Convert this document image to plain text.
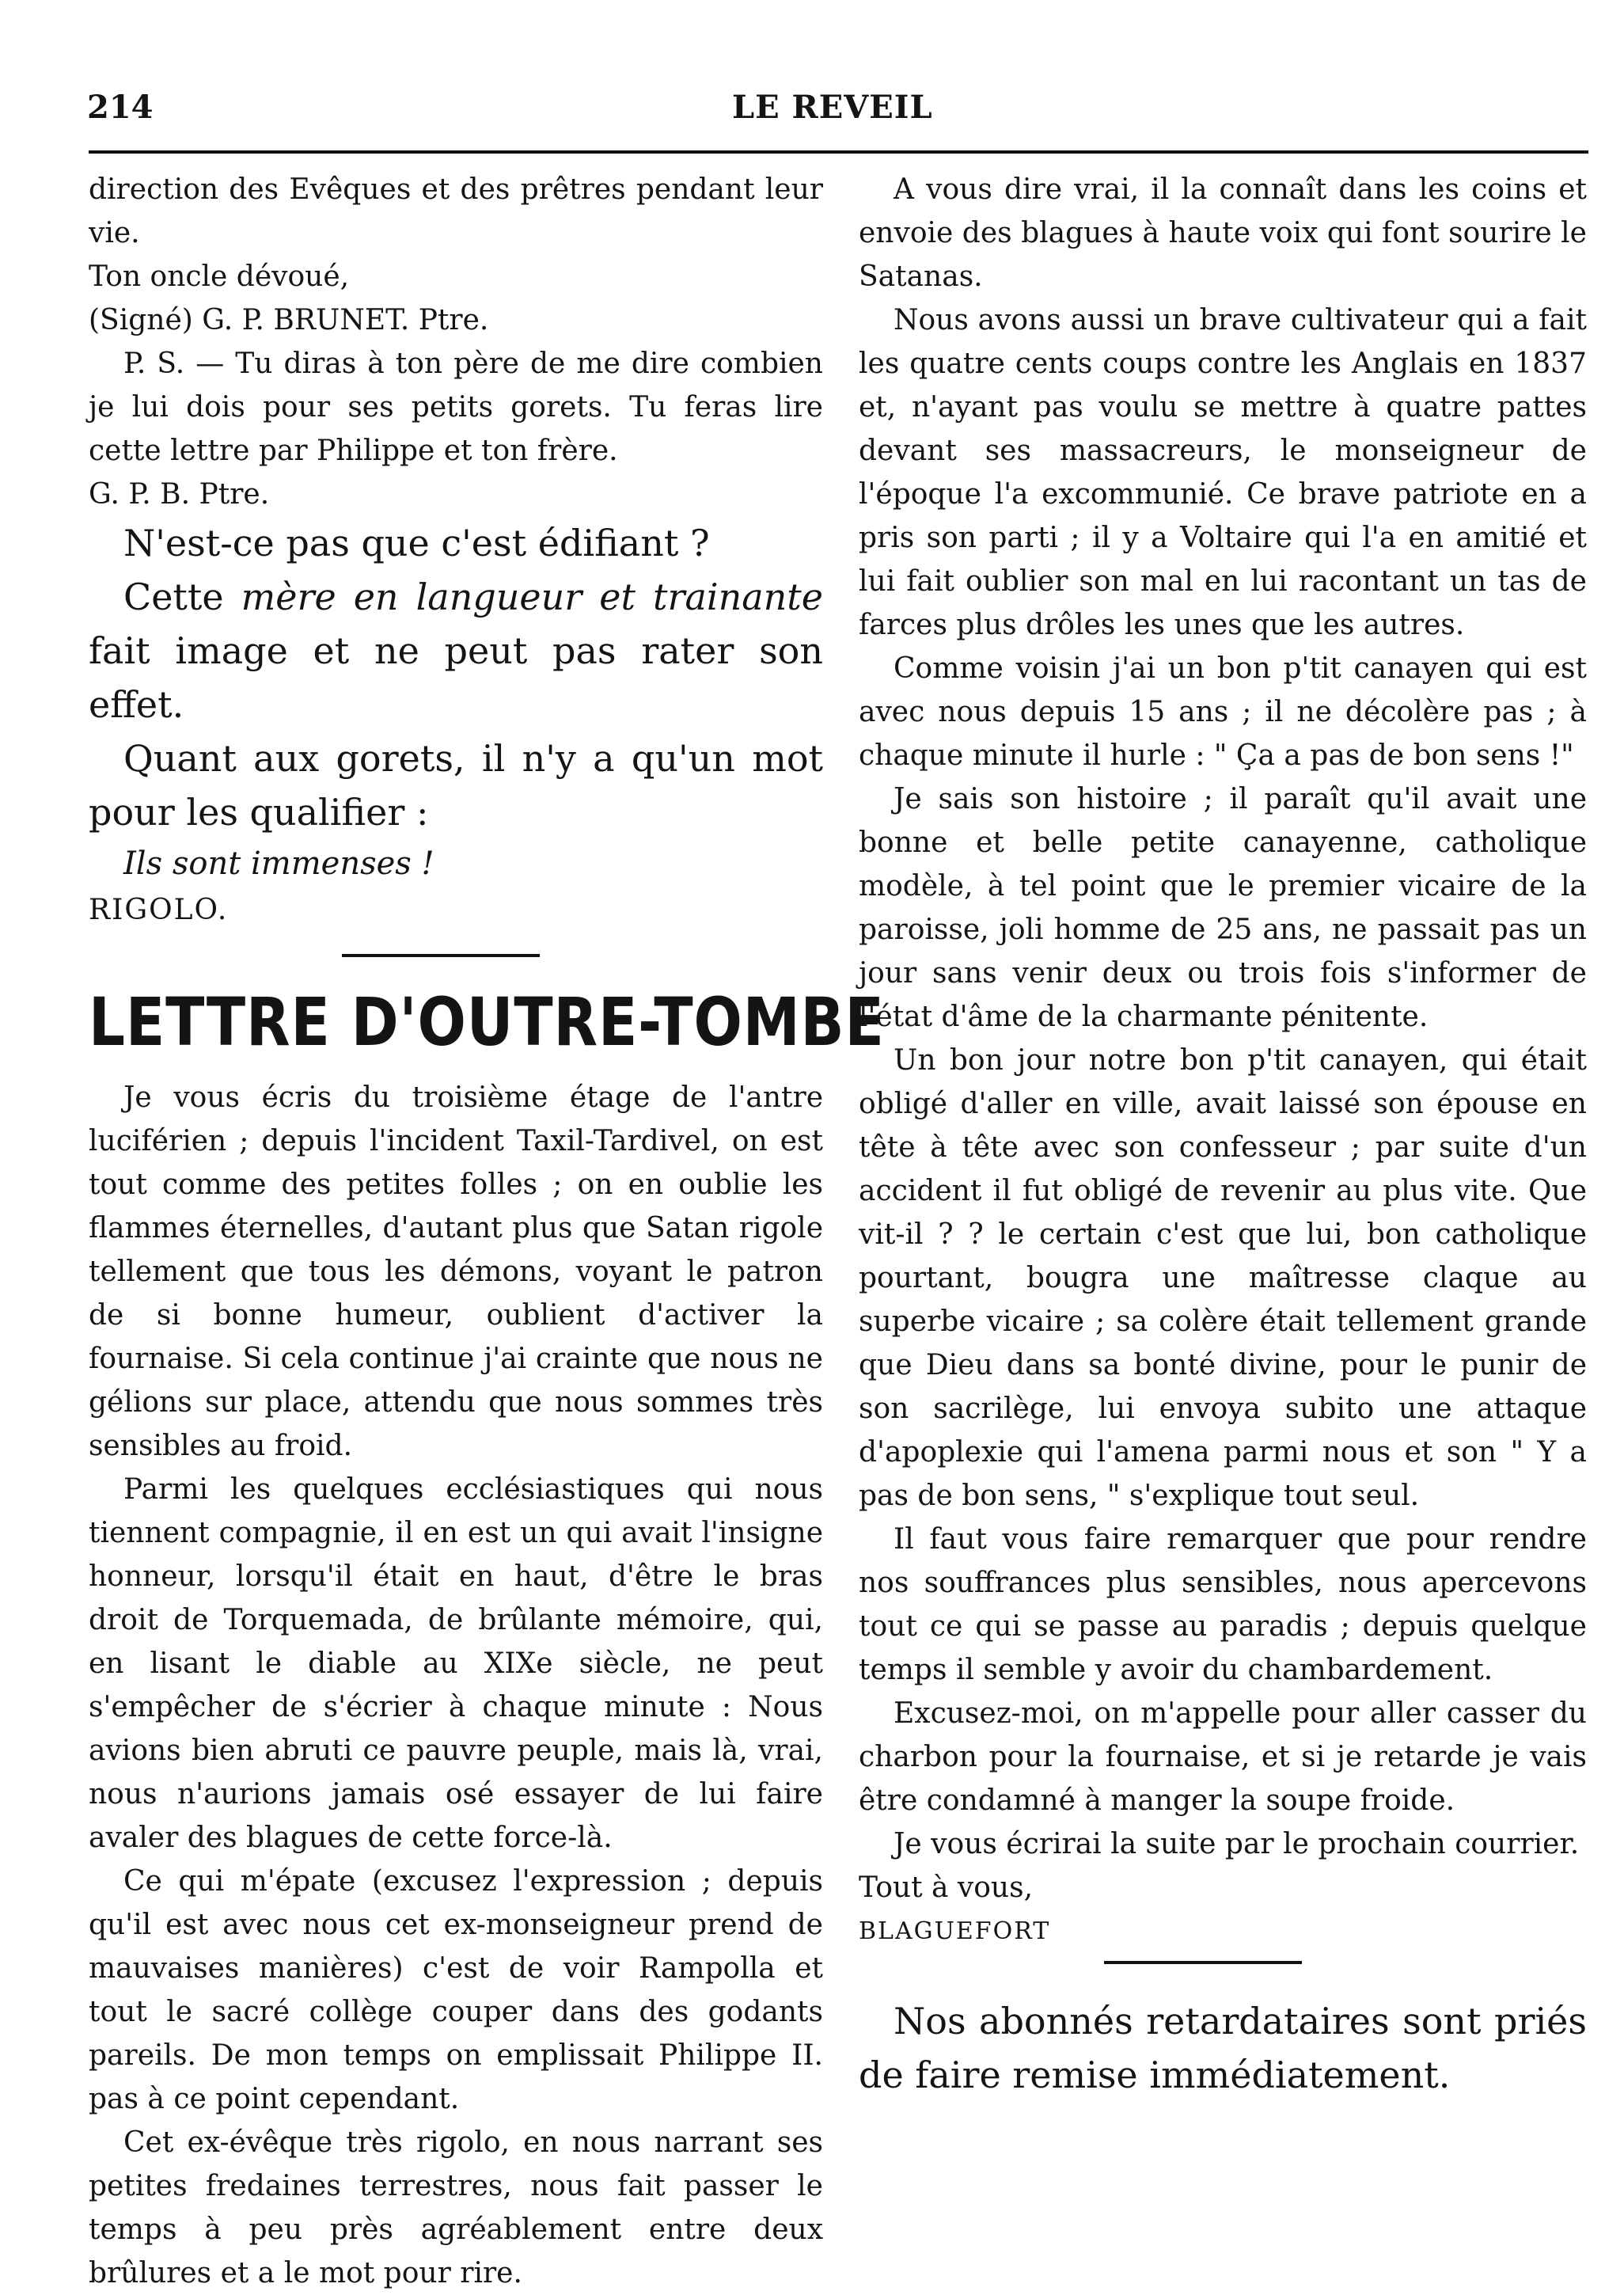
214	LE REVEIL

direction des Evêques et des prêtres pendant leur vie.

Ton oncle dévoué,

(Signé) G. P. BRUNET. Ptre.

P. S. — Tu diras à ton père de me dire combien je lui dois pour ses petits gorets. Tu feras lire cette lettre par Philippe et ton frère.

G. P. B. Ptre.

N'est-ce pas que c'est édifiant ?

Cette mère en langueur et trainante fait image et ne peut pas rater son effet.

Quant aux gorets, il n'y a qu'un mot pour les qualifier :

Ils sont immenses !

RIGOLO.

LETTRE D'OUTRE-TOMBE

Je vous écris du troisième étage de l'antre luciférien ; depuis l'incident Taxil-Tardivel, on est tout comme des petites folles ; on en oublie les flammes éternelles, d'autant plus que Satan rigole tellement que tous les démons, voyant le patron de si bonne humeur, oublient d'activer la fournaise. Si cela continue j'ai crainte que nous ne gélions sur place, attendu que nous sommes très sensibles au froid.

Parmi les quelques ecclésiastiques qui nous tiennent compagnie, il en est un qui avait l'insigne honneur, lorsqu'il était en haut, d'être le bras droit de Torquemada, de brûlante mémoire, qui, en lisant le diable au XIXe siècle, ne peut s'empêcher de s'écrier à chaque minute : Nous avions bien abruti ce pauvre peuple, mais là, vrai, nous n'aurions jamais osé essayer de lui faire avaler des blagues de cette force-là.

Ce qui m'épate (excusez l'expression ; depuis qu'il est avec nous cet ex-monseigneur prend de mauvaises manières) c'est de voir Rampolla et tout le sacré collège couper dans des godants pareils. De mon temps on emplissait Philippe II. pas à ce point cependant.

Cet ex-évêque très rigolo, en nous narrant ses petites fredaines terrestres, nous fait passer le temps à peu près agréablement entre deux brûlures et a le mot pour rire.

A vous dire vrai, il la connaît dans les coins et envoie des blagues à haute voix qui font sourire le Satanas.

Nous avons aussi un brave cultivateur qui a fait les quatre cents coups contre les Anglais en 1837 et, n'ayant pas voulu se mettre à quatre pattes devant ses massacreurs, le monseigneur de l'époque l'a excommunié. Ce brave patriote en a pris son parti ; il y a Voltaire qui l'a en amitié et lui fait oublier son mal en lui racontant un tas de farces plus drôles les unes que les autres.

Comme voisin j'ai un bon p'tit canayen qui est avec nous depuis 15 ans ; il ne décolère pas ; à chaque minute il hurle : " Ça a pas de bon sens !"

Je sais son histoire ; il paraît qu'il avait une bonne et belle petite canayenne, catholique modèle, à tel point que le premier vicaire de la paroisse, joli homme de 25 ans, ne passait pas un jour sans venir deux ou trois fois s'informer de l'état d'âme de la charmante pénitente.

Un bon jour notre bon p'tit canayen, qui était obligé d'aller en ville, avait laissé son épouse en tête à tête avec son confesseur ; par suite d'un accident il fut obligé de revenir au plus vite. Que vit-il ? ? le certain c'est que lui, bon catholique pourtant, bougra une maîtresse claque au superbe vicaire ; sa colère était tellement grande que Dieu dans sa bonté divine, pour le punir de son sacrilège, lui envoya subito une attaque d'apoplexie qui l'amena parmi nous et son " Y a pas de bon sens, " s'explique tout seul.

Il faut vous faire remarquer que pour rendre nos souffrances plus sensibles, nous apercevons tout ce qui se passe au paradis ; depuis quelque temps il semble y avoir du chambardement.

Excusez-moi, on m'appelle pour aller casser du charbon pour la fournaise, et si je retarde je vais être condamné à manger la soupe froide.

Je vous écrirai la suite par le prochain courrier.

Tout à vous,

BLAGUEFORT

Nos abonnés retardataires sont priés de faire remise immédiatement.
